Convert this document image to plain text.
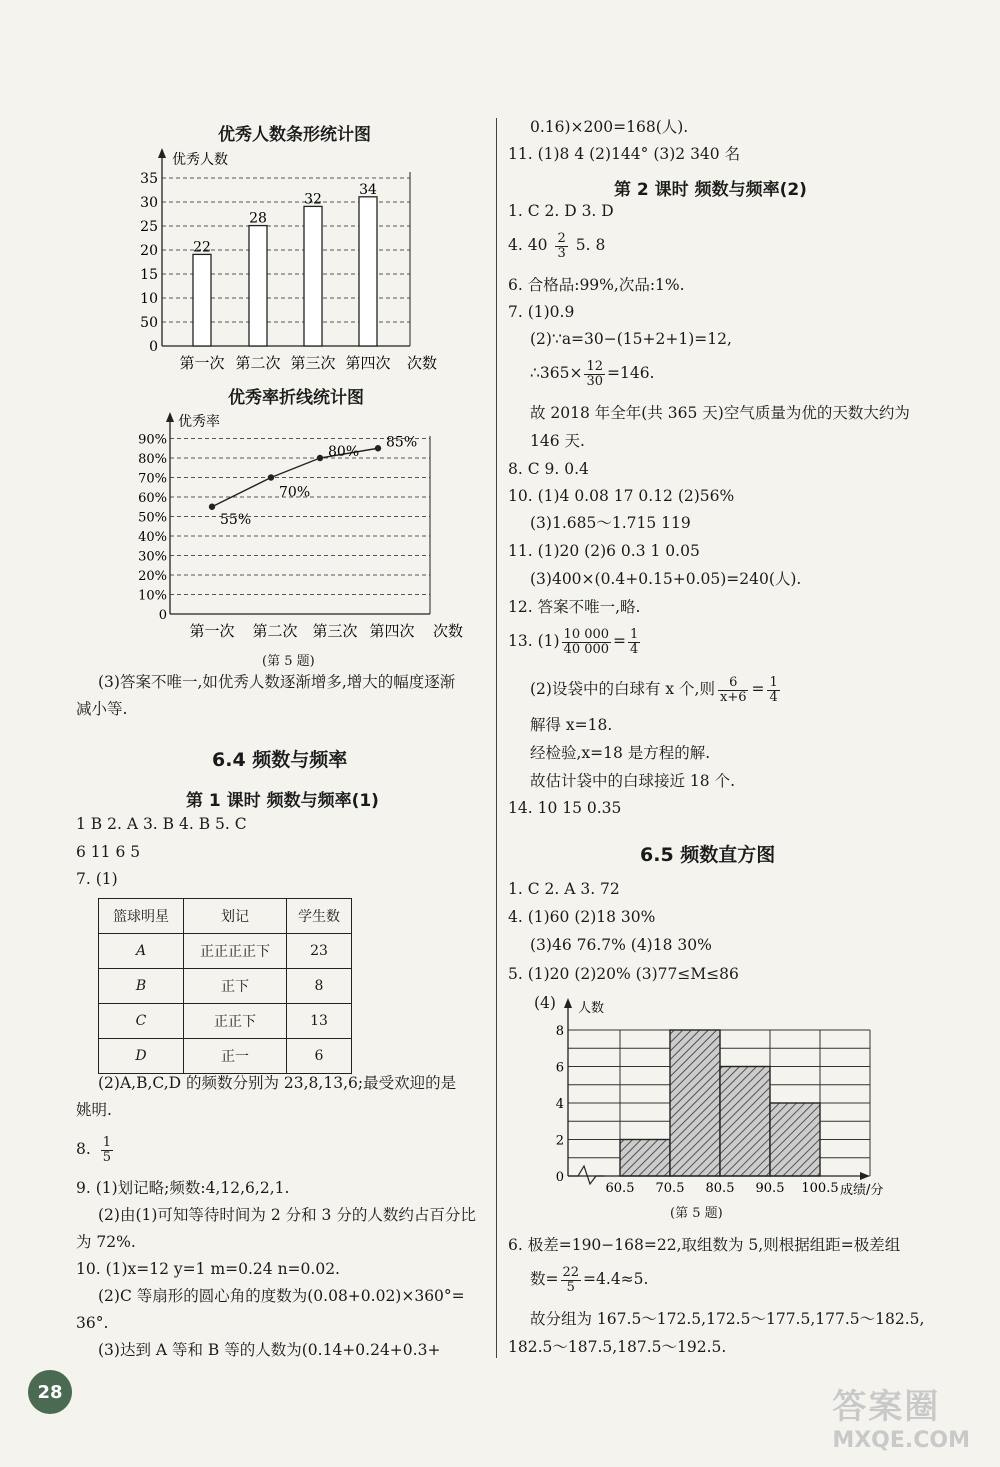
优秀人数条形统计图
优秀人数
35
30
25
20
15
10
50
0
22
28
32
34
第一次 第二次 第三次 第四次 次数
优秀率折线统计图
优秀率
90%
80%
70%
60%
50%
40%
30%
20%
10%
0
55%
70%
80%
85%
第一次 第二次 第三次 第四次 次数
(第 5 题)
(3)答案不唯一,如优秀人数逐渐增多,增大的幅度逐渐
减小等.
6.4 频数与频率
第 1 课时 频数与频率(1)
1 B 2. A 3. B 4. B 5. C
6 11 6 5
7. (1)
篮球明星	划记	学生数
A	正正正正下	23
B	正下	8
C	正正下	13
D	正一	6
(2)A,B,C,D 的频数分别为 23,8,13,6;最受欢迎的是
姚明.
8. $\frac{1}{5}$
9. (1)划记略;频数:4,12,6,2,1.
(2)由(1)可知等待时间为 2 分和 3 分的人数约占百分比
为 72%.
10. (1)x=12 y=1 m=0.24 n=0.02.
(2)C 等扇形的圆心角的度数为(0.08+0.02)×360°=
36°.
(3)达到 A 等和 B 等的人数为(0.14+0.24+0.3+
28
0.16)×200=168(人).
11. (1)8 4 (2)144° (3)2 340 名
第 2 课时 频数与频率(2)
1. C 2. D 3. D
4. $40 \frac{2}{3} 5$. 8
6. 合格品:99%,次品:1%.
7. (1)0.9
(2)∵a=30−(15+2+1)=12,
∴365× $\frac{12}{30} =146$.
故 2018 年全年(共 365 天)空气质量为优的天数大约为
146 天.
8. C 9. 0.4
10. (1)4 0.08 17 0.12 (2)56%
(3)1.685～1.715 119
11. (1)20 (2)6 0.3 1 0.05
(3)400×(0.4+0.15+0.05)=240(人).
12. 答案不唯一,略.
13. $(1) \frac{10 000}{40 000} = \frac{1}{4}$
(2)设袋中的白球有 x 个,则 $\frac{6}{x+6} = \frac{1}{4}$
解得 x=18.
经检验,x=18 是方程的解.
故估计袋中的白球接近 18 个.
14. 10 15 0.35
6.5 频数直方图
1. C 2. A 3. 72
4. (1)60 (2)18 30%
(3)46 76.7% (4)18 30%
5. (1)20 (2)20% (3)77≤M≤86
(4) 人数
成绩/分
8
6
4
2
0
60.5 70.5 80.5 90.5 100.5
(第 5 题)
6. 极差=190−168=22,取组数为 5,则根据组距=极差组
数= $\frac{22}{5} =4.4\approx 5$.
故分组为 167.5～172.5,172.5～177.5,177.5～182.5,
182.5～187.5,187.5～192.5.
答案圈
MXQE.COM
